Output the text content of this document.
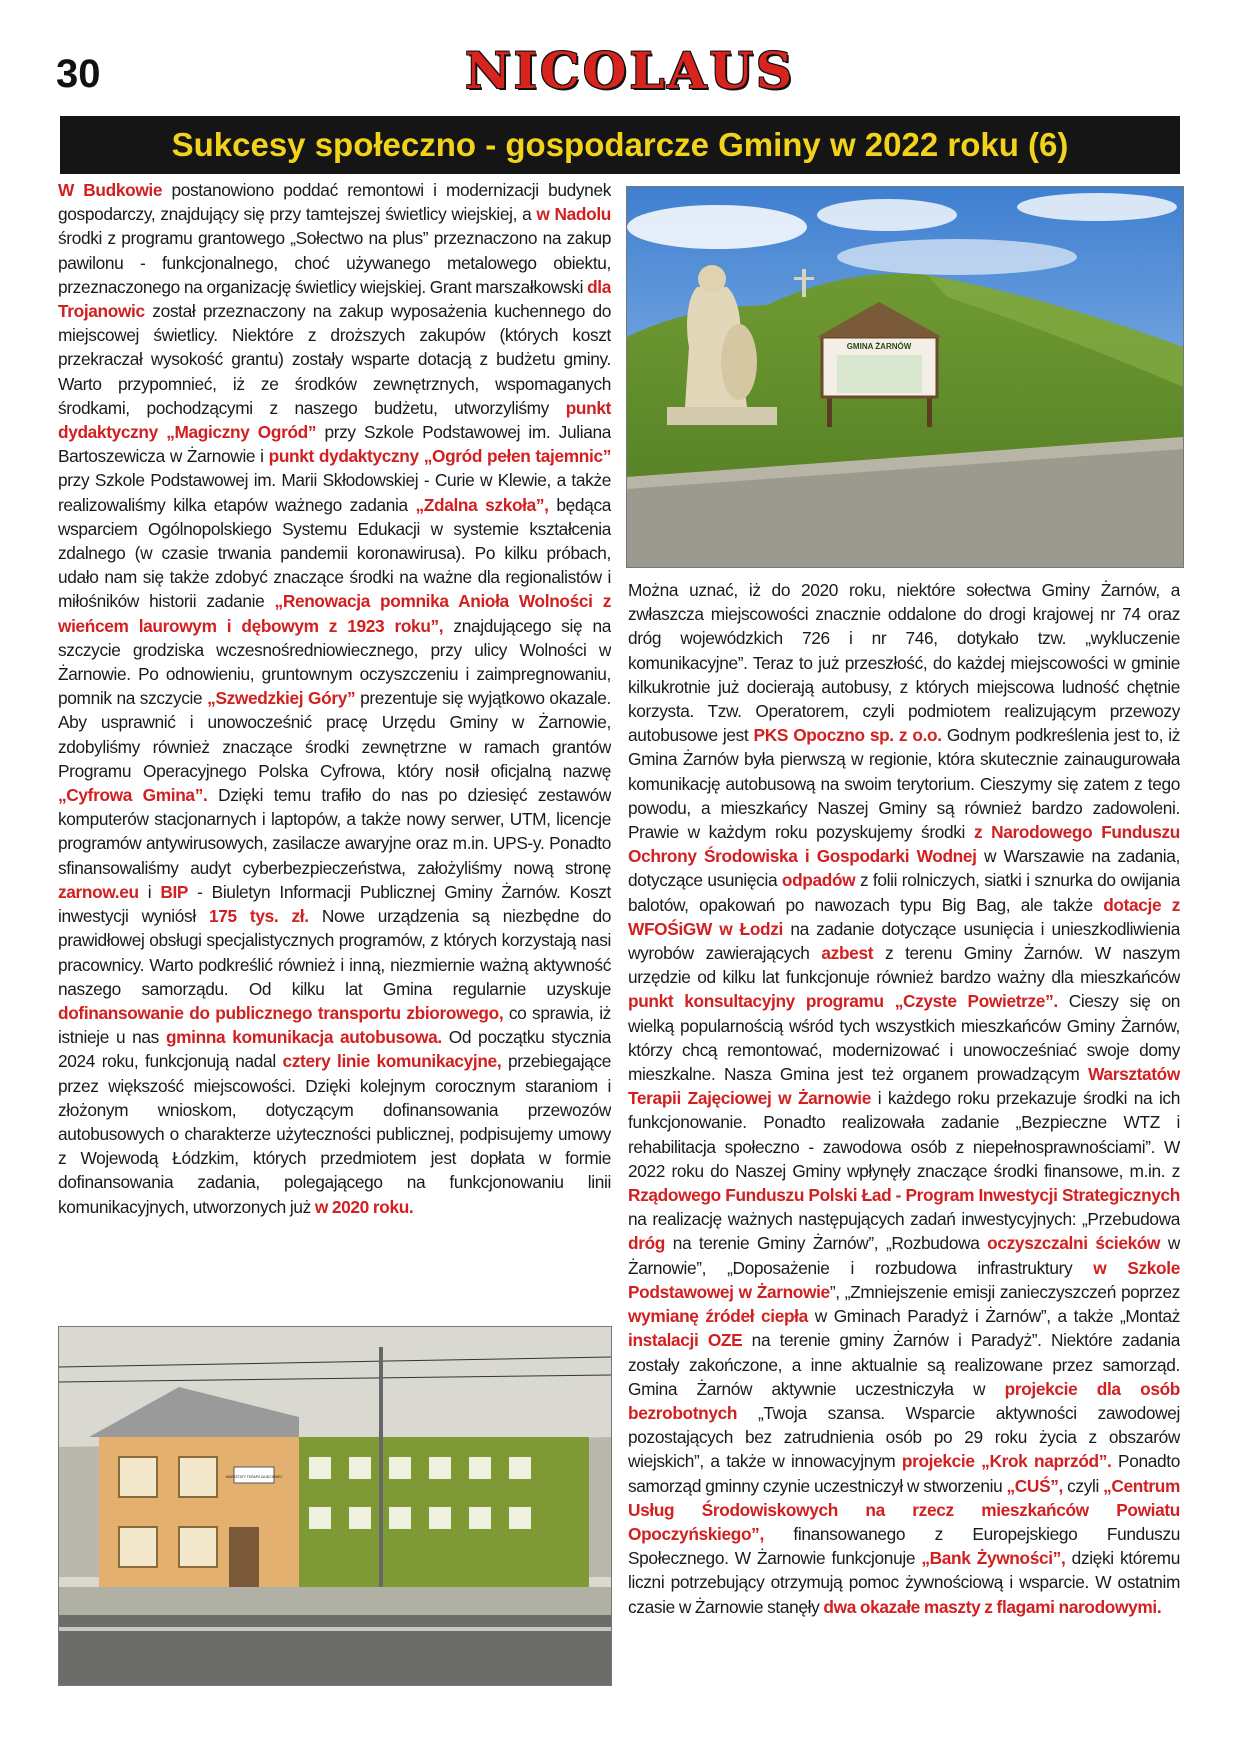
30	NICOLAUS
Sukcesy społeczno - gospodarcze Gminy w 2022 roku (6)
W Budkowie postanowiono poddać remontowi i modernizacji budynek gospodarczy, znajdujący się przy tamtejszej świetlicy wiejskiej, a w Nadolu środki z programu grantowego „Sołectwo na plus” przeznaczono na zakup pawilonu - funkcjonalnego, choć używanego metalowego obiektu, przeznaczonego na organizację świetlicy wiejskiej. Grant marszałkowski dla Trojanowic został przeznaczony na zakup wyposażenia kuchennego do miejscowej świetlicy. Niektóre z droższych zakupów (których koszt przekraczał wysokość grantu) zostały wsparte dotacją z budżetu gminy. Warto przypomnieć, iż ze środków zewnętrznych, wspomaganych środkami, pochodzącymi z naszego budżetu, utworzyliśmy punkt dydaktyczny „Magiczny Ogród” przy Szkole Podstawowej im. Juliana Bartoszewicza w Żarnowie i punkt dydaktyczny „Ogród pełen tajemnic” przy Szkole Podstawowej im. Marii Skłodowskiej - Curie w Klewie, a także realizowaliśmy kilka etapów ważnego zadania „Zdalna szkoła”, będąca wsparciem Ogólnopolskiego Systemu Edukacji w systemie kształcenia zdalnego (w czasie trwania pandemii koronawirusa). Po kilku próbach, udało nam się także zdobyć znaczące środki na ważne dla regionalistów i miłośników historii zadanie „Renowacja pomnika Anioła Wolności z wieńcem laurowym i dębowym z 1923 roku”, znajdującego się na szczycie grodziska wczesnośredniowiecznego, przy ulicy Wolności w Żarnowie. Po odnowieniu, gruntownym oczyszczeniu i zaimpregnowaniu, pomnik na szczycie „Szwedzkiej Góry” prezentuje się wyjątkowo okazale. Aby usprawnić i unowocześnić pracę Urzędu Gminy w Żarnowie, zdobyliśmy również znaczące środki zewnętrzne w ramach grantów Programu Operacyjnego Polska Cyfrowa, który nosił oficjalną nazwę „Cyfrowa Gmina”. Dzięki temu trafiło do nas po dziesięć zestawów komputerów stacjonarnych i laptopów, a także nowy serwer, UTM, licencje programów antywirusowych, zasilacze awaryjne oraz m.in. UPS-y. Ponadto sfinansowaliśmy audyt cyberbezpieczeństwa, założyliśmy nową stronę zarnow.eu i BIP - Biuletyn Informacji Publicznej Gminy Żarnów. Koszt inwestycji wyniósł 175 tys. zł. Nowe urządzenia są niezbędne do prawidłowej obsługi specjalistycznych programów, z których korzystają nasi pracownicy. Warto podkreślić również i inną, niezmiernie ważną aktywność naszego samorządu. Od kilku lat Gmina regularnie uzyskuje dofinansowanie do publicznego transportu zbiorowego, co sprawia, iż istnieje u nas gminna komunikacja autobusowa. Od początku stycznia 2024 roku, funkcjonują nadal cztery linie komunikacyjne, przebiegające przez większość miejscowości. Dzięki kolejnym corocznym staraniom i złożonym wnioskom, dotyczącym dofinansowania przewozów autobusowych o charakterze użyteczności publicznej, podpisujemy umowy z Wojewodą Łódzkim, których przedmiotem jest dopłata w formie dofinansowania zadania, polegającego na funkcjonowaniu linii komunikacyjnych, utworzonych już w 2020 roku.
GMINA ŻARNÓW
Można uznać, iż do 2020 roku, niektóre sołectwa Gminy Żarnów, a zwłaszcza miejscowości znacznie oddalone do drogi krajowej nr 74 oraz dróg wojewódzkich 726 i nr 746, dotykało tzw. „wykluczenie komunikacyjne”. Teraz to już przeszłość, do każdej miejscowości w gminie kilkukrotnie już docierają autobusy, z których miejscowa ludność chętnie korzysta. Tzw. Operatorem, czyli podmiotem realizującym przewozy autobusowe jest PKS Opoczno sp. z o.o. Godnym podkreślenia jest to, iż Gmina Żarnów była pierwszą w regionie, która skutecznie zainaugurowała komunikację autobusową na swoim terytorium. Cieszymy się zatem z tego powodu, a mieszkańcy Naszej Gminy są również bardzo zadowoleni. Prawie w każdym roku pozyskujemy środki z Narodowego Funduszu Ochrony Środowiska i Gospodarki Wodnej w Warszawie na zadania, dotyczące usunięcia odpadów z folii rolniczych, siatki i sznurka do owijania balotów, opakowań po nawozach typu Big Bag, ale także dotacje z WFOŚiGW w Łodzi na zadanie dotyczące usunięcia i unieszkodliwienia wyrobów zawierających azbest z terenu Gminy Żarnów. W naszym urzędzie od kilku lat funkcjonuje również bardzo ważny dla mieszkańców punkt konsultacyjny programu „Czyste Powietrze”. Cieszy się on wielką popularnością wśród tych wszystkich mieszkańców Gminy Żarnów, którzy chcą remontować, modernizować i unowocześniać swoje domy mieszkalne. Nasza Gmina jest też organem prowadzącym Warsztatów Terapii Zajęciowej w Żarnowie i każdego roku przekazuje środki na ich funkcjonowanie. Ponadto realizowała zadanie „Bezpieczne WTZ i rehabilitacja społeczno - zawodowa osób z niepełnosprawnościami”. W 2022 roku do Naszej Gminy wpłynęły znaczące środki finansowe, m.in. z Rządowego Funduszu Polski Ład - Program Inwestycji Strategicznych na realizację ważnych następujących zadań inwestycyjnych: „Przebudowa dróg na terenie Gminy Żarnów”, „Rozbudowa oczyszczalni ścieków w Żarnowie”, „Doposażenie i rozbudowa infrastruktury w Szkole Podstawowej w Żarnowie”, „Zmniejszenie emisji zanieczyszczeń poprzez wymianę źródeł ciepła w Gminach Paradyż i Żarnów”, a także „Montaż instalacji OZE na terenie gminy Żarnów i Paradyż”. Niektóre zadania zostały zakończone, a inne aktualnie są realizowane przez samorząd. Gmina Żarnów aktywnie uczestniczyła w projekcie dla osób bezrobotnych „Twoja szansa. Wsparcie aktywności zawodowej pozostających bez zatrudnienia osób po 29 roku życia z obszarów wiejskich”, a także w innowacyjnym projekcie „Krok naprzód”. Ponadto samorząd gminny czynie uczestniczył w stworzeniu „CUŚ”, czyli „Centrum Usług Środowiskowych na rzecz mieszkańców Powiatu Opoczyńskiego”, finansowanego z Europejskiego Funduszu Społecznego. W Żarnowie funkcjonuje „Bank Żywności”, dzięki któremu liczni potrzebujący otrzymują pomoc żywnościową i wsparcie. W ostatnim czasie w Żarnowie stanęły dwa okazałe maszty z flagami narodowymi.
WARSZTATY TERAPII ZAJĘCIOWEJ
